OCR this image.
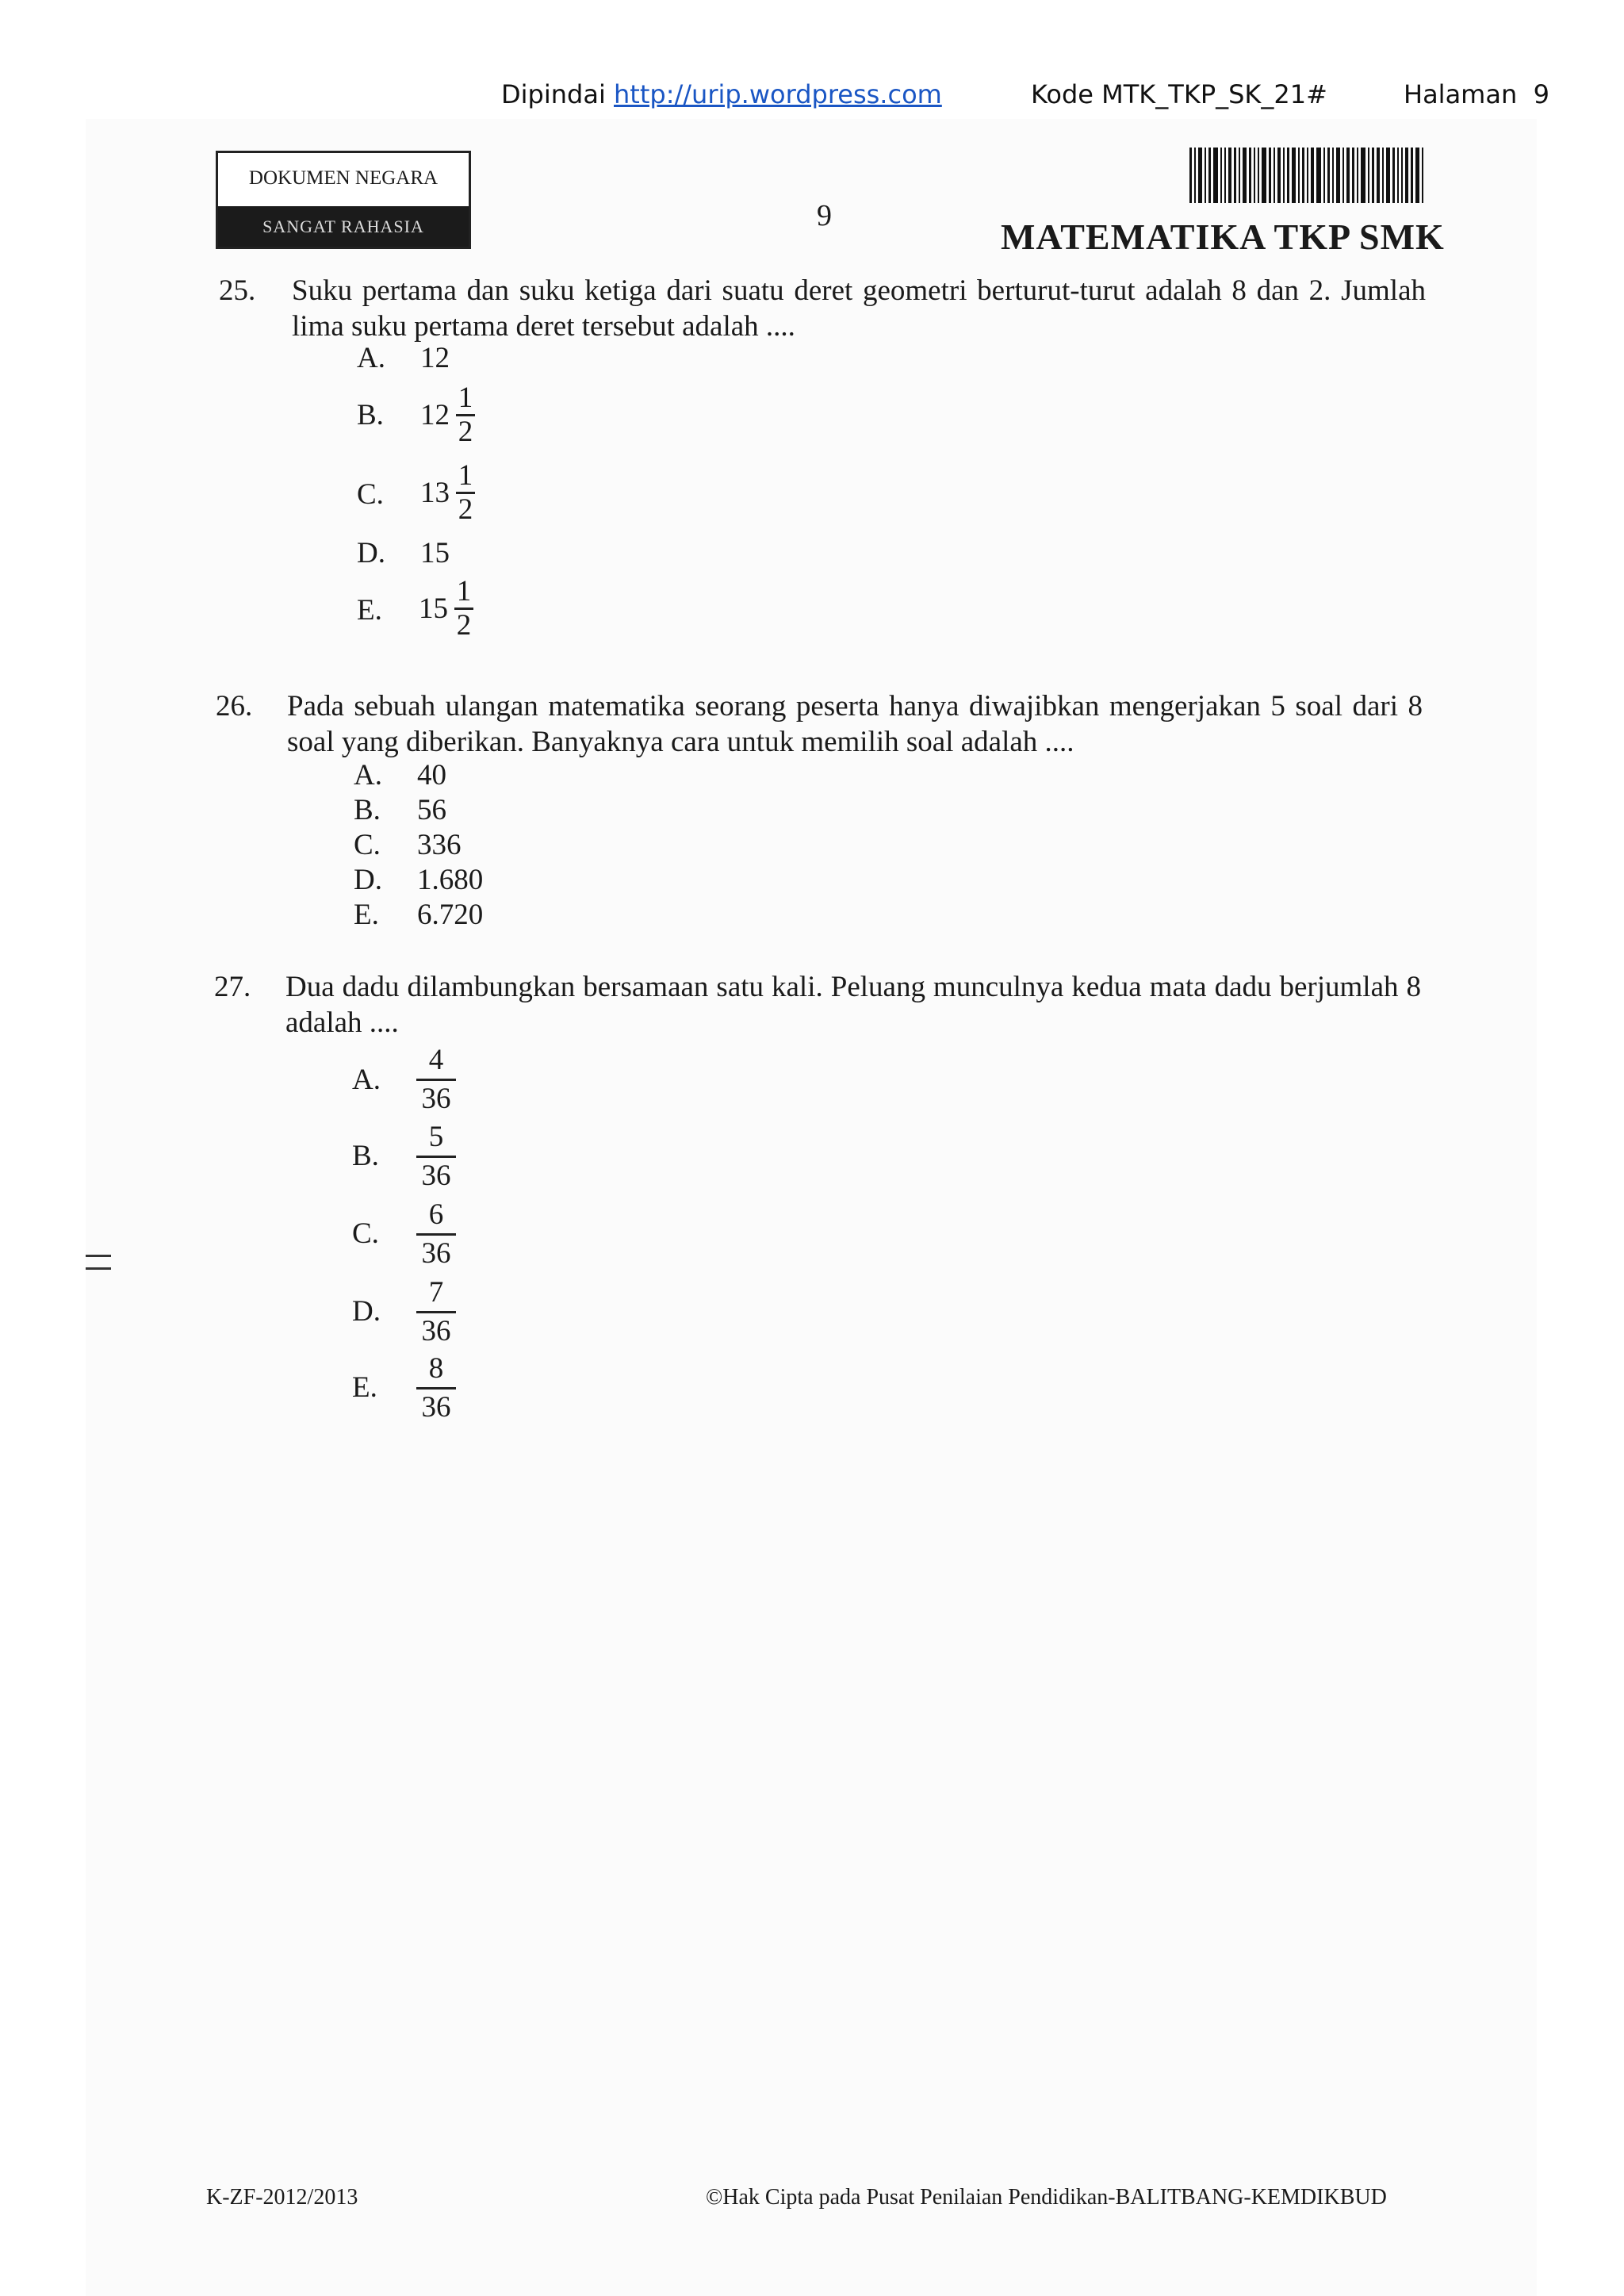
Dipindai http://urip.wordpress.com	Kode MTK_TKP_SK_21#	Halaman  9
DOKUMEN NEGARA
SANGAT RAHASIA	9
MATEMATIKA TKP SMK
25. Suku pertama dan suku ketiga dari suatu deret geometri berturut-turut adalah 8 dan 2. Jumlah lima suku pertama deret tersebut adalah ....
A. 12
B. 12
1
2
C. 13
1
2
D. 15
E. 15
1
2
26. Pada sebuah ulangan matematika seorang peserta hanya diwajibkan mengerjakan 5 soal dari 8 soal yang diberikan. Banyaknya cara untuk memilih soal adalah ....
A. 40
B. 56
C. 336
D. 1.680
E. 6.720
27. Dua dadu dilambungkan bersamaan satu kali. Peluang munculnya kedua mata dadu berjumlah 8 adalah ....
A.
4
36
B.
5
36
C.
6
36
D.
7
36
E.
8
36
K-ZF-2012/2013	©Hak Cipta pada Pusat Penilaian Pendidikan-BALITBANG-KEMDIKBUD
